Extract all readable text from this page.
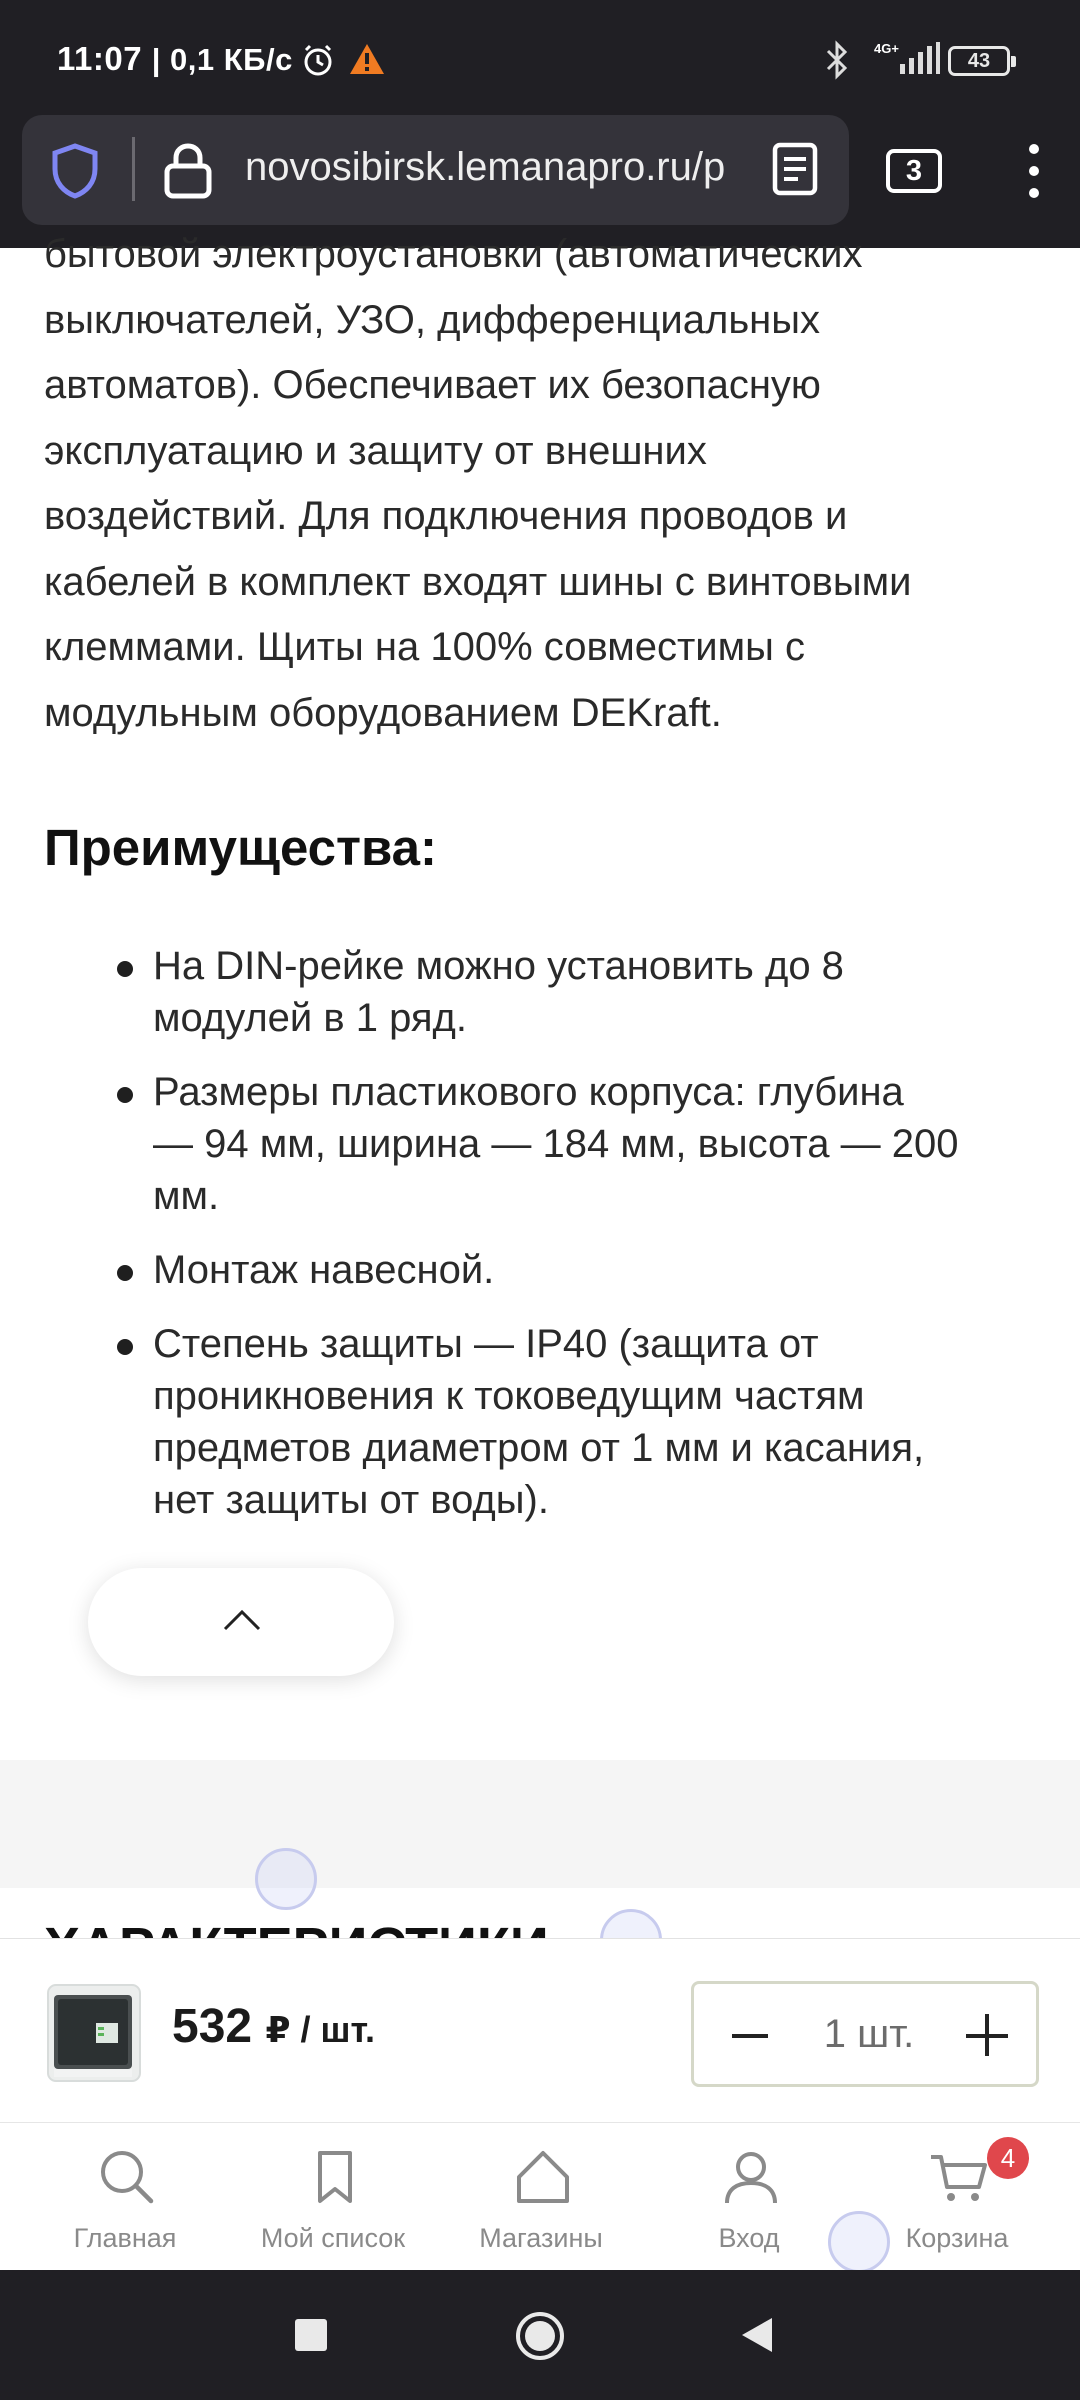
11:07 | 0,1 КБ/с	4G+
43
novosibirsk.lemanapro.ru/p	3
бытовой электроустановки (автоматических
выключателей, УЗО, дифференциальных
автоматов). Обеспечивает их безопасную
эксплуатацию и защиту от внешних
воздействий. Для подключения проводов и
кабелей в комплект входят шины с винтовыми
клеммами. Щиты на 100% совместимы с
модульным оборудованием DEKraft.
Преимущества:
На DIN-рейке можно установить до 8
модулей в 1 ряд.
Размеры пластикового корпуса: глубина
— 94 мм, ширина — 184 мм, высота — 200
мм.
Монтаж навесной.
Степень защиты — IP40 (защита от
проникновения к токоведущим частям
предметов диаметром от 1 мм и касания,
нет защиты от воды).
532 ₽ / шт.	1 шт.
Главная	Мой список	Магазины	Вход
4
Корзина
